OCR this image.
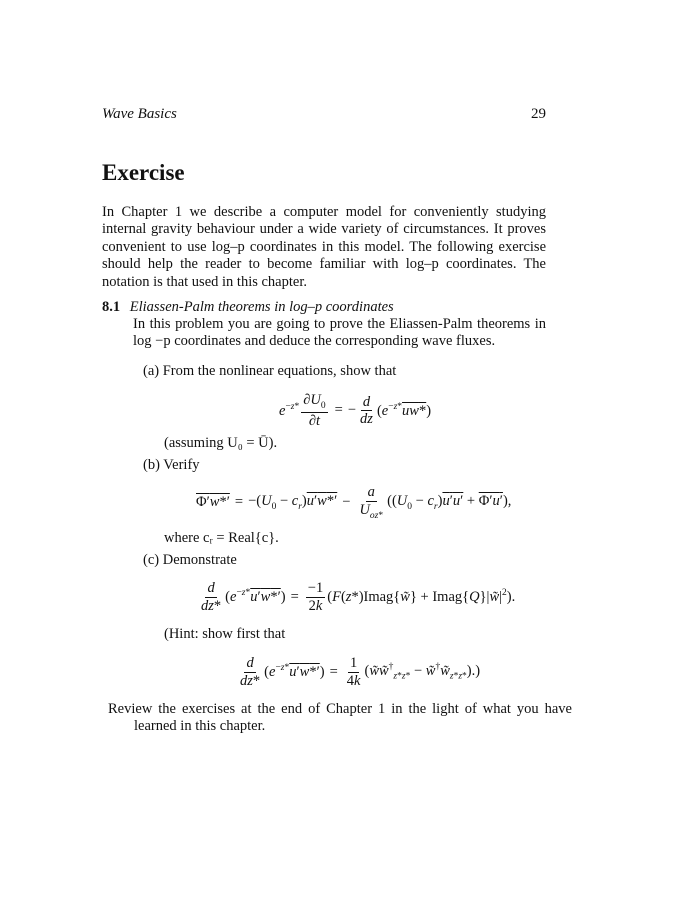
Wave Basics	29
Exercise

In Chapter 1 we describe a computer model for conveniently studying internal gravity behaviour under a wide variety of circumstances. It proves convenient to use log–p coordinates in this model. The following exercise should help the reader to become familiar with log–p coordinates. The notation is that used in this chapter.

8.1 Eliassen-Palm theorems in log–p coordinates

In this problem you are going to prove the Eliassen-Palm theorems in log −p coordinates and deduce the corresponding wave fluxes.

(a) From the nonlinear equations, show that
$e^{-z*} \frac{\partial U_0}{\partial t}$ = − $\frac{d}{dz} (e^{-z*}uw*)$
(assuming U₀ = Ū).
(b) Verify
$\Phi'w*' = -(U_0 - c_r)u'w*' - \frac{a}{U_{oz*}} ((U_0 - c_r)u'u' + \Phi'u')$,
where cᵣ = Real{c}.
(c) Demonstrate
$\frac{d}{dz*} (e^{-z*}u'w*') = \frac{-1}{2k}$ (F(z*)Imag{w̃} + $Imag\{Q\}|w̃|^2$).
(Hint: show first that
$\frac{d}{dz*} (e^{-z*}u'w*') = \frac{1}{4k}$ ($w̃w̃^\dagger_{z*z*}$ − $w̃^\dagger w̃_{z*z*}$).)

Review the exercises at the end of Chapter 1 in the light of what you have learned in this chapter.
